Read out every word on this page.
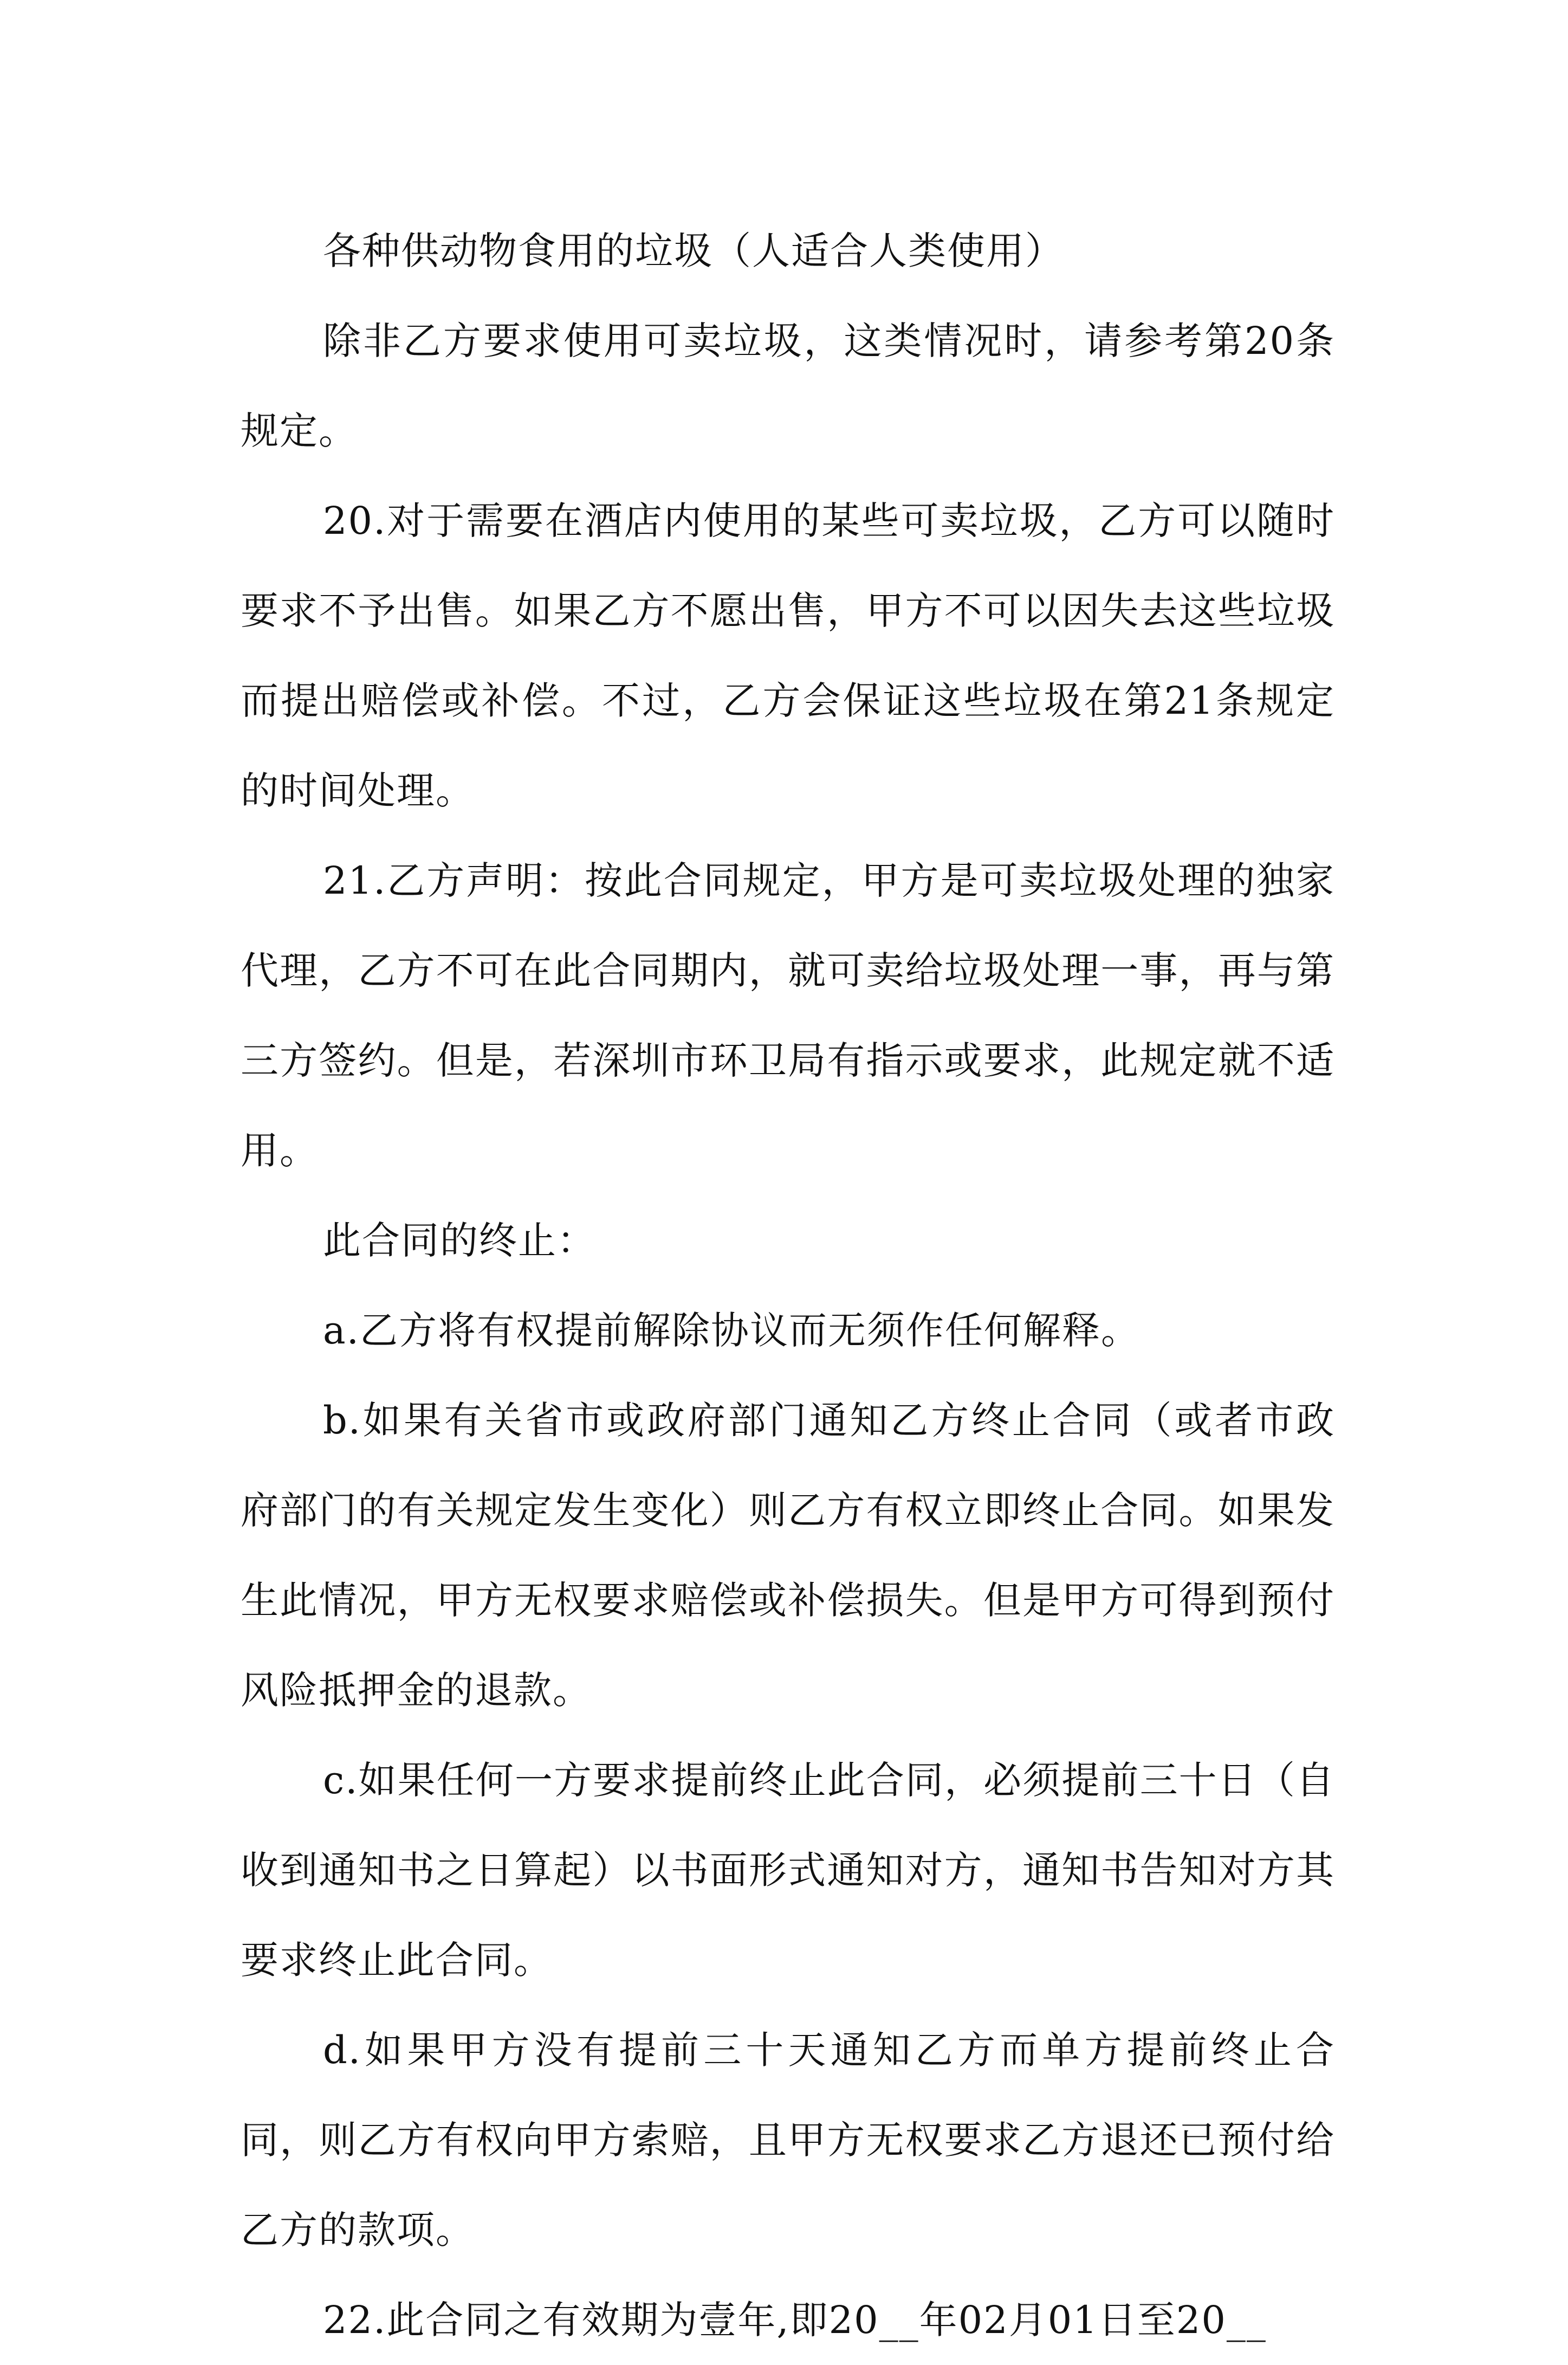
各种供动物食用的垃圾（人适合人类使用）

除非乙方要求使用可卖垃圾，这类情况时，请参考第20条规定。

20.对于需要在酒店内使用的某些可卖垃圾，乙方可以随时要求不予出售。如果乙方不愿出售，甲方不可以因失去这些垃圾而提出赔偿或补偿。不过，乙方会保证这些垃圾在第21条规定的时间处理。

21.乙方声明：按此合同规定，甲方是可卖垃圾处理的独家代理，乙方不可在此合同期内，就可卖给垃圾处理一事，再与第三方签约。但是，若深圳市环卫局有指示或要求，此规定就不适用。

此合同的终止：

a.乙方将有权提前解除协议而无须作任何解释。

b.如果有关省市或政府部门通知乙方终止合同（或者市政府部门的有关规定发生变化）则乙方有权立即终止合同。如果发生此情况，甲方无权要求赔偿或补偿损失。但是甲方可得到预付风险抵押金的退款。

c.如果任何一方要求提前终止此合同，必须提前三十日（自收到通知书之日算起）以书面形式通知对方，通知书告知对方其要求终止此合同。

d.如果甲方没有提前三十天通知乙方而单方提前终止合同，则乙方有权向甲方索赔，且甲方无权要求乙方退还已预付给乙方的款项。

22.此合同之有效期为壹年,即20__年02月01日至20__
